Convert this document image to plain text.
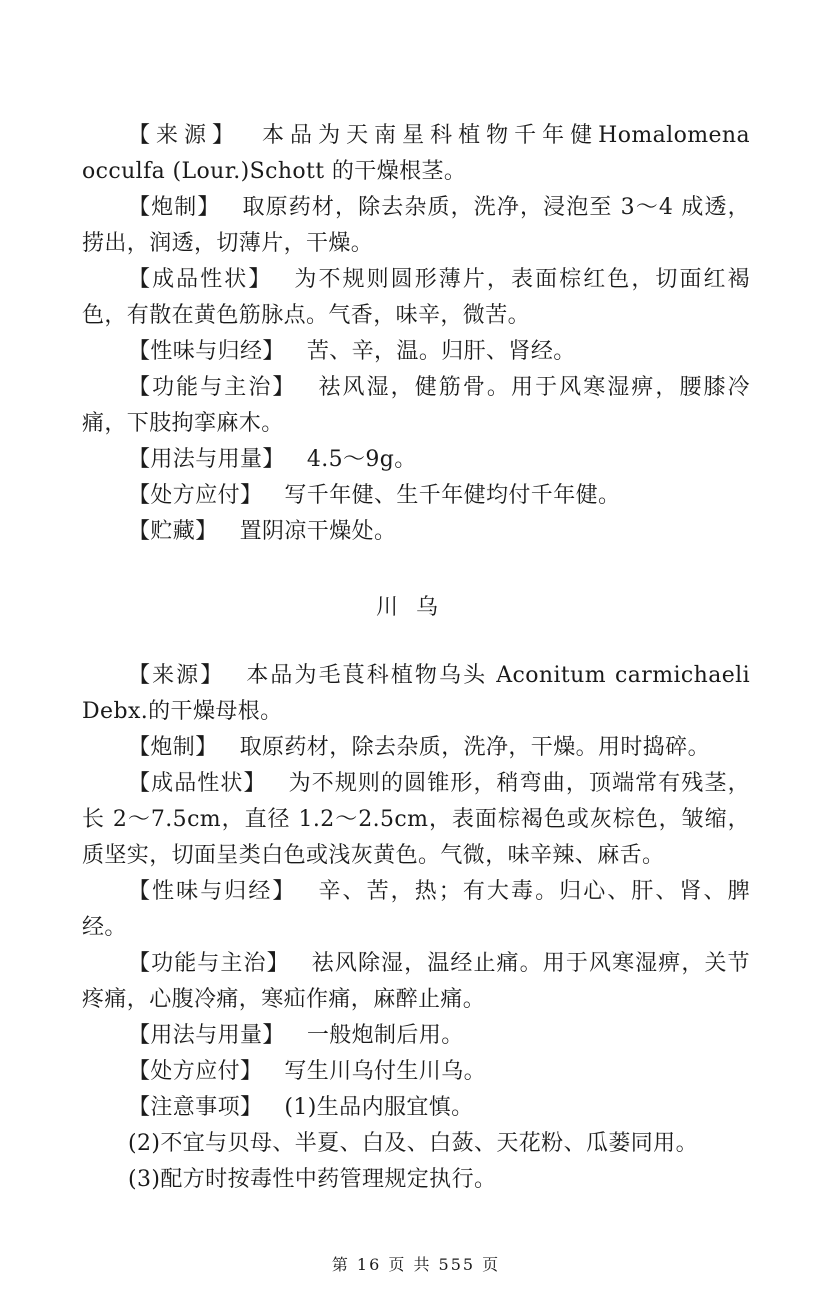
【来源】 本品为天南星科植物千年健Homalomena occulfa (Lour.)Schott 的干燥根茎。

【炮制】 取原药材，除去杂质，洗净，浸泡至 3～4 成透，捞出，润透，切薄片，干燥。

【成品性状】 为不规则圆形薄片，表面棕红色，切面红褐色，有散在黄色筋脉点。气香，味辛，微苦。

【性味与归经】 苦、辛，温。归肝、肾经。

【功能与主治】 祛风湿，健筋骨。用于风寒湿痹，腰膝冷痛，下肢拘挛麻木。

【用法与用量】 4.5～9g。

【处方应付】 写千年健、生千年健均付千年健。

【贮藏】 置阴凉干燥处。

川乌

【来源】 本品为毛茛科植物乌头 Aconitum carmichaeli Debx.的干燥母根。

【炮制】 取原药材，除去杂质，洗净，干燥。用时捣碎。

【成品性状】 为不规则的圆锥形，稍弯曲，顶端常有残茎，长 2～7.5cm，直径 1.2～2.5cm，表面棕褐色或灰棕色，皱缩，质坚实，切面呈类白色或浅灰黄色。气微，味辛辣、麻舌。

【性味与归经】 辛、苦，热；有大毒。归心、肝、肾、脾经。

【功能与主治】 祛风除湿，温经止痛。用于风寒湿痹，关节疼痛，心腹冷痛，寒疝作痛，麻醉止痛。

【用法与用量】 一般炮制后用。

【处方应付】 写生川乌付生川乌。

【注意事项】 (1)生品内服宜慎。

(2)不宜与贝母、半夏、白及、白蔹、天花粉、瓜蒌同用。

(3)配方时按毒性中药管理规定执行。

第 16 页 共 555 页
